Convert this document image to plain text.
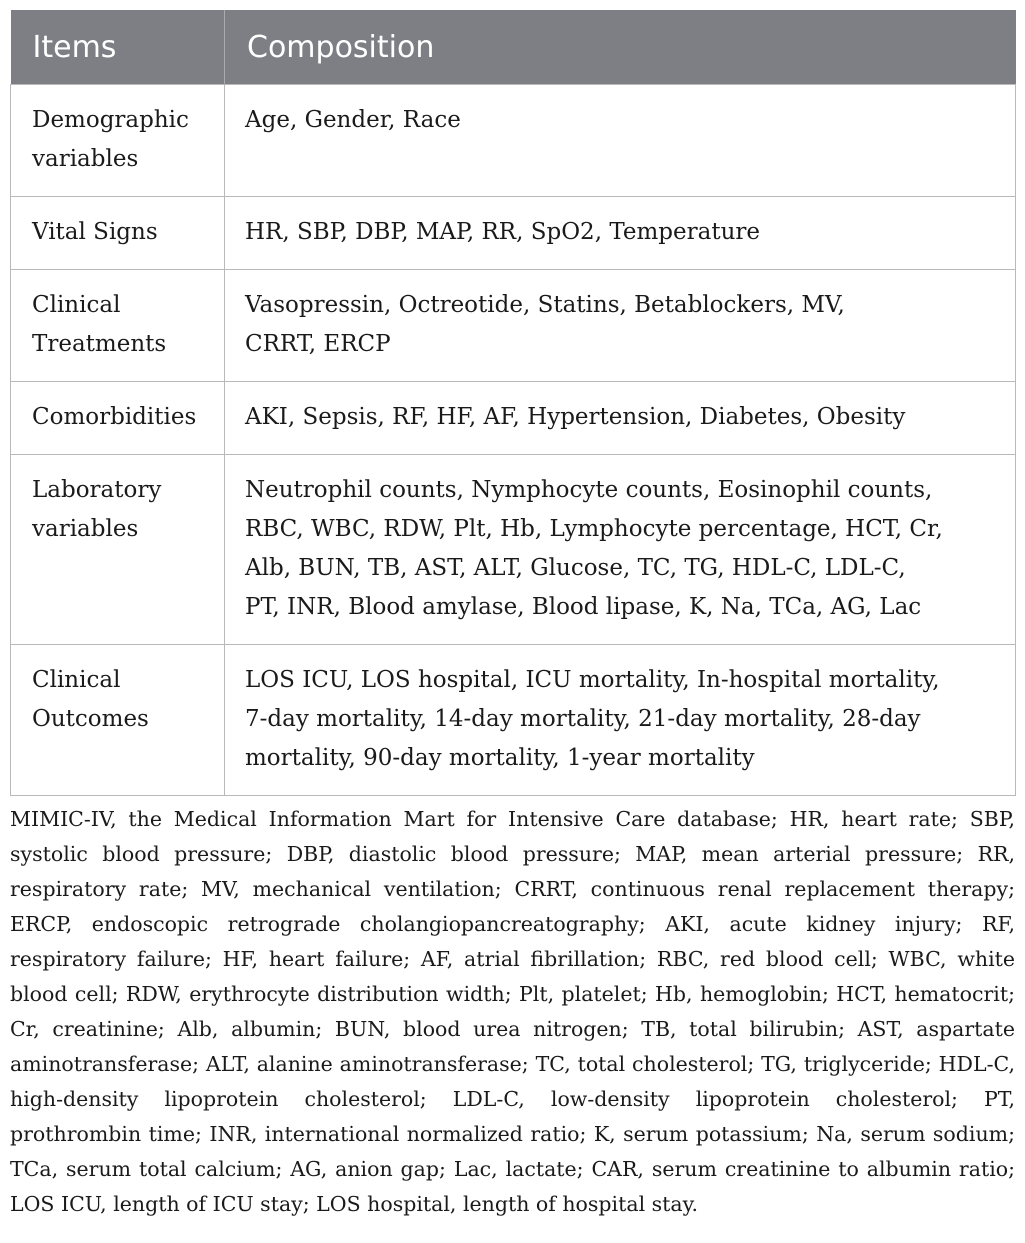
Items	Composition

Demographic
variables	Age, Gender, Race

Vital Signs	HR, SBP, DBP, MAP, RR, SpO2, Temperature

Clinical
Treatments	Vasopressin, Octreotide, Statins, Betablockers, MV,
CRRT, ERCP

Comorbidities	AKI, Sepsis, RF, HF, AF, Hypertension, Diabetes, Obesity

Laboratory
variables	Neutrophil counts, Nymphocyte counts, Eosinophil counts,
RBC, WBC, RDW, Plt, Hb, Lymphocyte percentage, HCT, Cr,
Alb, BUN, TB, AST, ALT, Glucose, TC, TG, HDL-C, LDL-C,
PT, INR, Blood amylase, Blood lipase, K, Na, TCa, AG, Lac

Clinical
Outcomes	LOS ICU, LOS hospital, ICU mortality, In-hospital mortality,
7-day mortality, 14-day mortality, 21-day mortality, 28-day
mortality, 90-day mortality, 1-year mortality

MIMIC-IV, the Medical Information Mart for Intensive Care database; HR, heart rate; SBP, systolic blood pressure; DBP, diastolic blood pressure; MAP, mean arterial pressure; RR, respiratory rate; MV, mechanical ventilation; CRRT, continuous renal replacement therapy; ERCP, endoscopic retrograde cholangiopancreatography; AKI, acute kidney injury; RF, respiratory failure; HF, heart failure; AF, atrial fibrillation; RBC, red blood cell; WBC, white blood cell; RDW, erythrocyte distribution width; Plt, platelet; Hb, hemoglobin; HCT, hematocrit; Cr, creatinine; Alb, albumin; BUN, blood urea nitrogen; TB, total bilirubin; AST, aspartate aminotransferase; ALT, alanine aminotransferase; TC, total cholesterol; TG, triglyceride; HDL-C, high-density lipoprotein cholesterol; LDL-C, low-density lipoprotein cholesterol; PT, prothrombin time; INR, international normalized ratio; K, serum potassium; Na, serum sodium; TCa, serum total calcium; AG, anion gap; Lac, lactate; CAR, serum creatinine to albumin ratio; LOS ICU, length of ICU stay; LOS hospital, length of hospital stay.
